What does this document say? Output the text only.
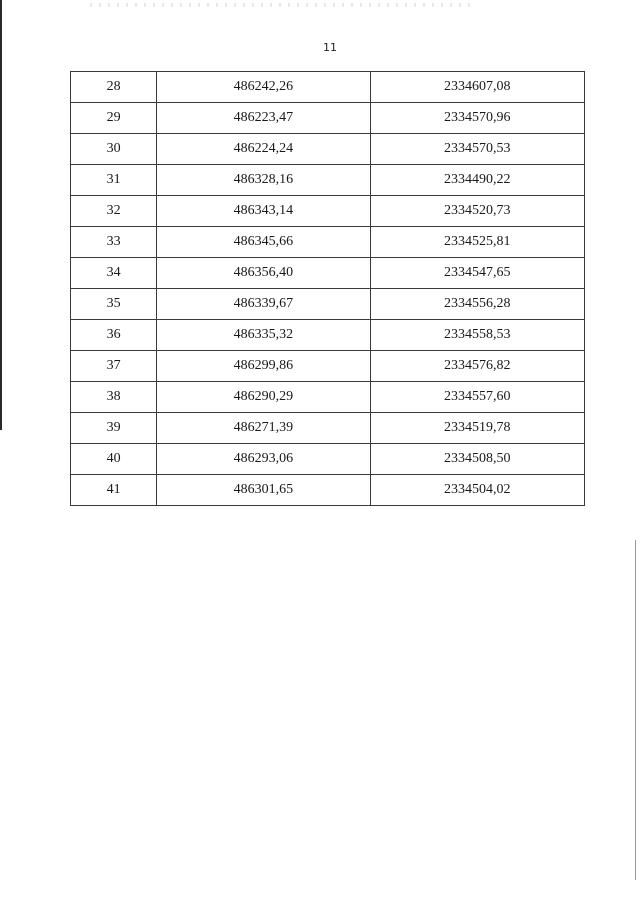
11
28	486242,26	2334607,08
29	486223,47	2334570,96
30	486224,24	2334570,53
31	486328,16	2334490,22
32	486343,14	2334520,73
33	486345,66	2334525,81
34	486356,40	2334547,65
35	486339,67	2334556,28
36	486335,32	2334558,53
37	486299,86	2334576,82
38	486290,29	2334557,60
39	486271,39	2334519,78
40	486293,06	2334508,50
41	486301,65	2334504,02
